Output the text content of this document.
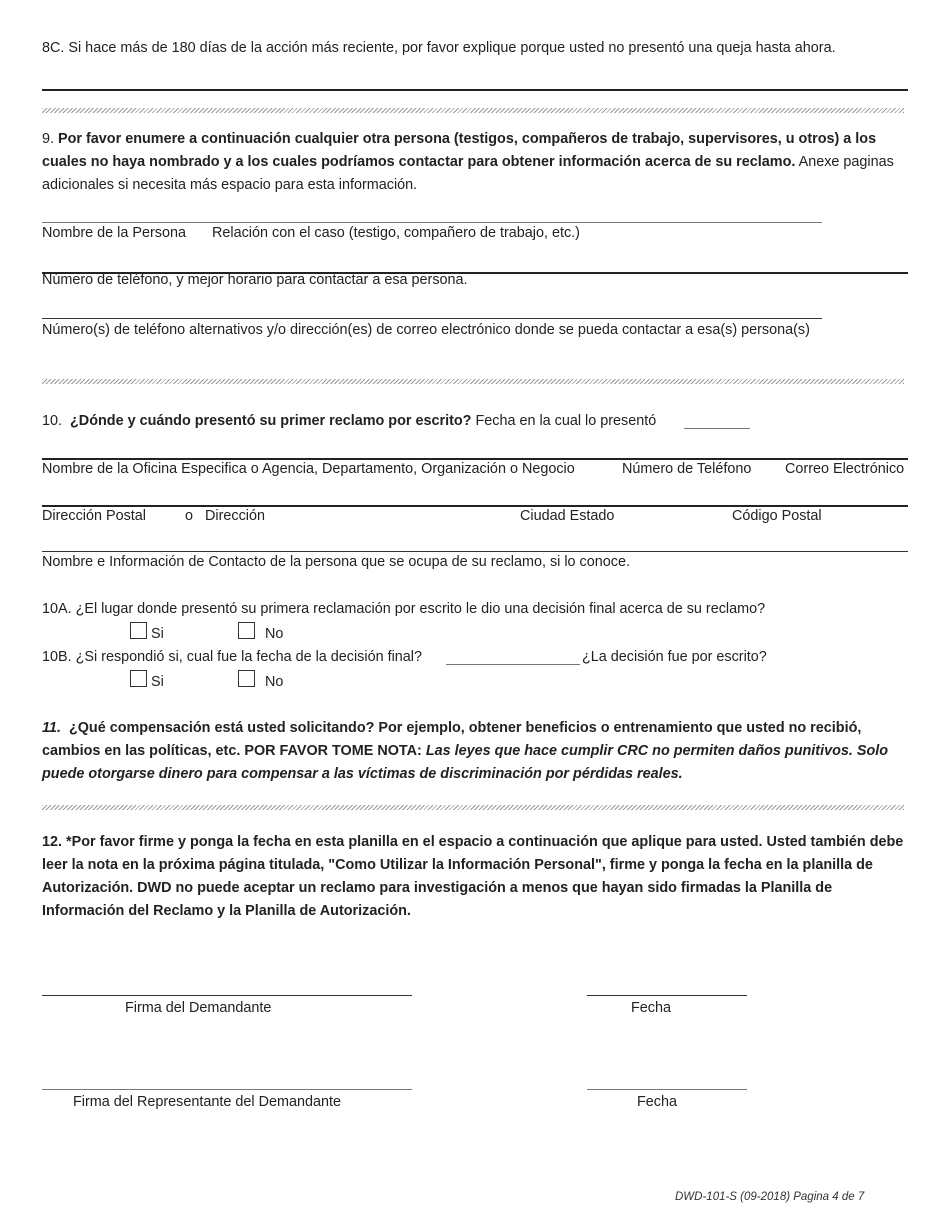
8C. Si hace más de 180 días de la acción más reciente, por favor explique porque usted no presentó una queja hasta ahora.
9. Por favor enumere a continuación cualquier otra persona (testigos, compañeros de trabajo, supervisores, u otros) a los cuales no haya nombrado y a los cuales podríamos contactar para obtener información acerca de su reclamo. Anexe paginas adicionales si necesita más espacio para esta información.
Nombre de la Persona Relación con el caso (testigo, compañero de trabajo, etc.)
Número de teléfono, y mejor horario para contactar a esa persona.
Número(s) de teléfono alternativos y/o dirección(es) de correo electrónico donde se pueda contactar a esa(s) persona(s)
10. ¿Dónde y cuándo presentó su primer reclamo por escrito? Fecha en la cual lo presentó
Nombre de la Oficina Especifica o Agencia, Departamento, Organización o Negocio	Número de Teléfono Correo Electrónico
Dirección Postal	o Dirección	Ciudad Estado	Código Postal
Nombre e Información de Contacto de la persona que se ocupa de su reclamo, si lo conoce.
10A. ¿El lugar donde presentó su primera reclamación por escrito le dio una decisión final acerca de su reclamo?
Si	No
10B. ¿Si respondió si, cual fue la fecha de la decisión final?	¿La decisión fue por escrito?
Si	No
11. ¿Qué compensación está usted solicitando? Por ejemplo, obtener beneficios o entrenamiento que usted no recibió, cambios en las políticas, etc. POR FAVOR TOME NOTA: Las leyes que hace cumplir CRC no permiten daños punitivos. Solo puede otorgarse dinero para compensar a las víctimas de discriminación por pérdidas reales.
12. *Por favor firme y ponga la fecha en esta planilla en el espacio a continuación que aplique para usted. Usted también debe leer la nota en la próxima página titulada, "Como Utilizar la Información Personal", firme y ponga la fecha en la planilla de Autorización. DWD no puede aceptar un reclamo para investigación a menos que hayan sido firmadas la Planilla de Información del Reclamo y la Planilla de Autorización.
Firma del Demandante	Fecha
Firma del Representante del Demandante	Fecha
DWD-101-S (09-2018) Pagina 4 de 7
